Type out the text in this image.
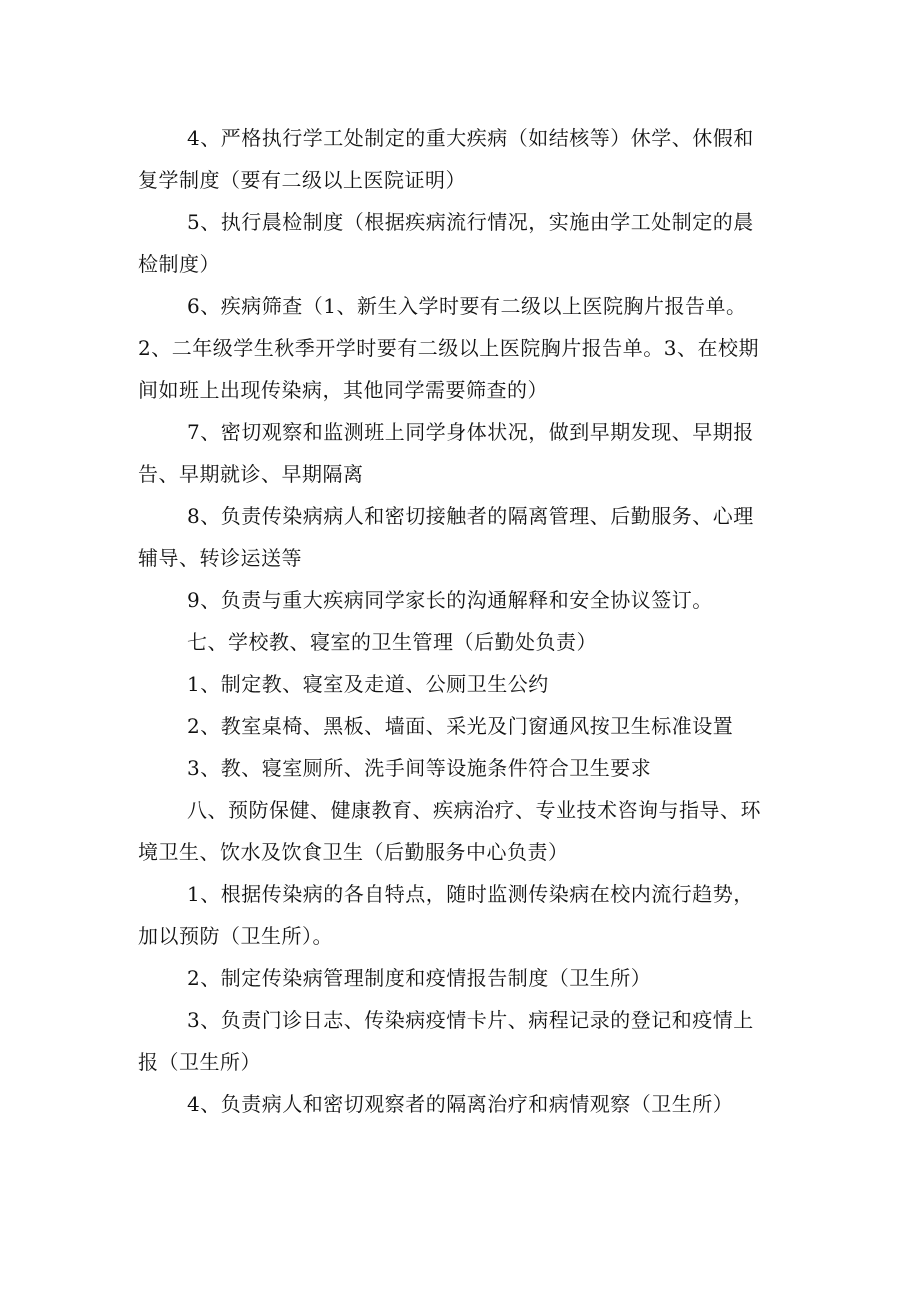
4、严格执行学工处制定的重大疾病（如结核等）休学、休假和
复学制度（要有二级以上医院证明）

5、执行晨检制度（根据疾病流行情况，实施由学工处制定的晨
检制度）

6、疾病筛查（1、新生入学时要有二级以上医院胸片报告单。
2、二年级学生秋季开学时要有二级以上医院胸片报告单。3、在校期
间如班上出现传染病，其他同学需要筛查的）

7、密切观察和监测班上同学身体状况，做到早期发现、早期报
告、早期就诊、早期隔离

8、负责传染病病人和密切接触者的隔离管理、后勤服务、心理
辅导、转诊运送等

9、负责与重大疾病同学家长的沟通解释和安全协议签订。

七、学校教、寝室的卫生管理（后勤处负责）

1、制定教、寝室及走道、公厕卫生公约

2、教室桌椅、黑板、墙面、采光及门窗通风按卫生标准设置

3、教、寝室厕所、洗手间等设施条件符合卫生要求

八、预防保健、健康教育、疾病治疗、专业技术咨询与指导、环
境卫生、饮水及饮食卫生（后勤服务中心负责）

1、根据传染病的各自特点，随时监测传染病在校内流行趋势，
加以预防（卫生所）。

2、制定传染病管理制度和疫情报告制度（卫生所）

3、负责门诊日志、传染病疫情卡片、病程记录的登记和疫情上
报（卫生所）

4、负责病人和密切观察者的隔离治疗和病情观察（卫生所）
